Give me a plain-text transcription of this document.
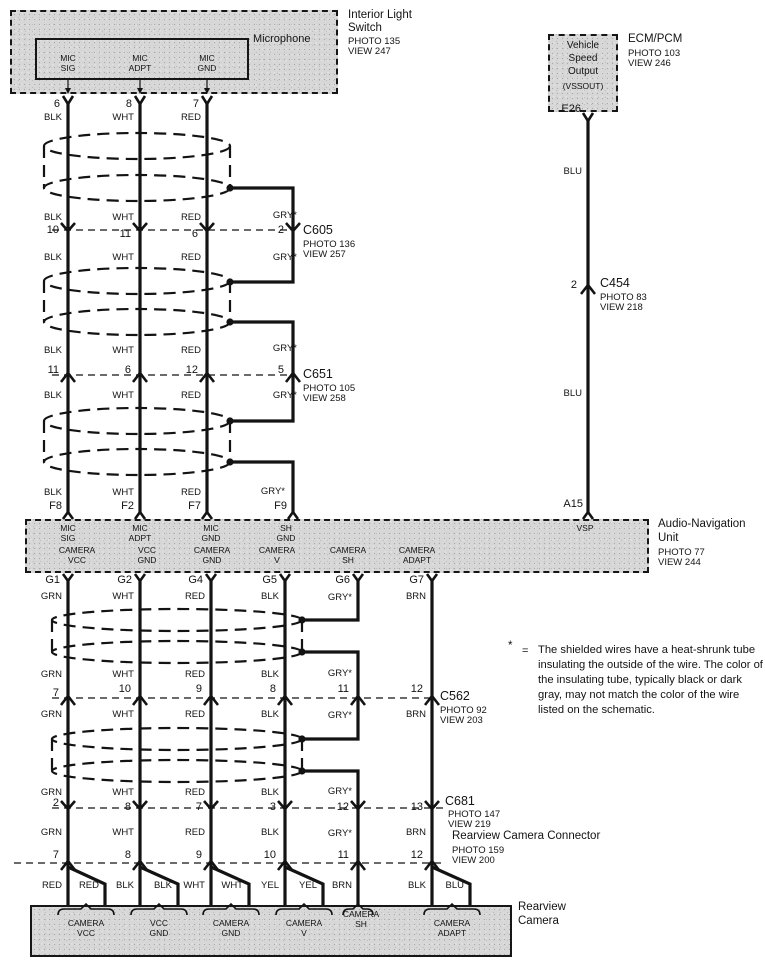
Interior Light
Switch
PHOTO 135
VIEW 247
Microphone
MIC
SIG
MIC
ADPT
MIC
GND
6	8	7
BLK	WHT	RED
ECM/PCM
PHOTO 103
VIEW 246
Vehicle
Speed
Output
(VSSOUT)
E26
BLU
BLU
2 C454
PHOTO 83
VIEW 218
BLK	WHT	RED	GRY*
10	11	6	2 C605
PHOTO 136
VIEW 257
BLK	WHT	RED	GRY*
BLK	WHT	RED	GRY*
11	6	12	5 C651
PHOTO 105
VIEW 258
BLK	WHT	RED	GRY*
BLK	WHT	RED	GRY*
F8	F2	F7	F9	A15
Audio-Navigation
Unit
PHOTO 77
VIEW 244
MIC
SIG
MIC
ADPT
MIC
GND
SH
GND
VSP
CAMERA
VCC
VCC
GND
CAMERA
GND
CAMERA
V
CAMERA
SH
CAMERA
ADAPT
G1	G2	G4	G5	G6	G7
GRN	WHT	RED	BLK	GRY*	BRN
GRN	WHT	RED	BLK	GRY*
7	10	9	8	11	12 C562
PHOTO 92
VIEW 203
GRN	WHT	RED	BLK	GRY*	BRN
GRN	WHT	RED	BLK	GRY*
2	8	7	3	12	13 C681
PHOTO 147
VIEW 219
GRN	WHT	RED	BLK	GRY*	BRN Rearview Camera Connector
PHOTO 159
VIEW 200
7	8	9	10	11	12
RED RED BLK BLK WHT WHT YEL YEL BRN	BLK BLU
Rearview
Camera
CAMERA
VCC
VCC
GND
CAMERA
GND
CAMERA
V
CAMERA
SH	CAMERA
ADAPT
* = The shielded wires have a heat-shrunk tube insulating the outside of the wire. The color of the insulating tube, typically black or dark gray, may not match the color of the wire listed on the schematic.
